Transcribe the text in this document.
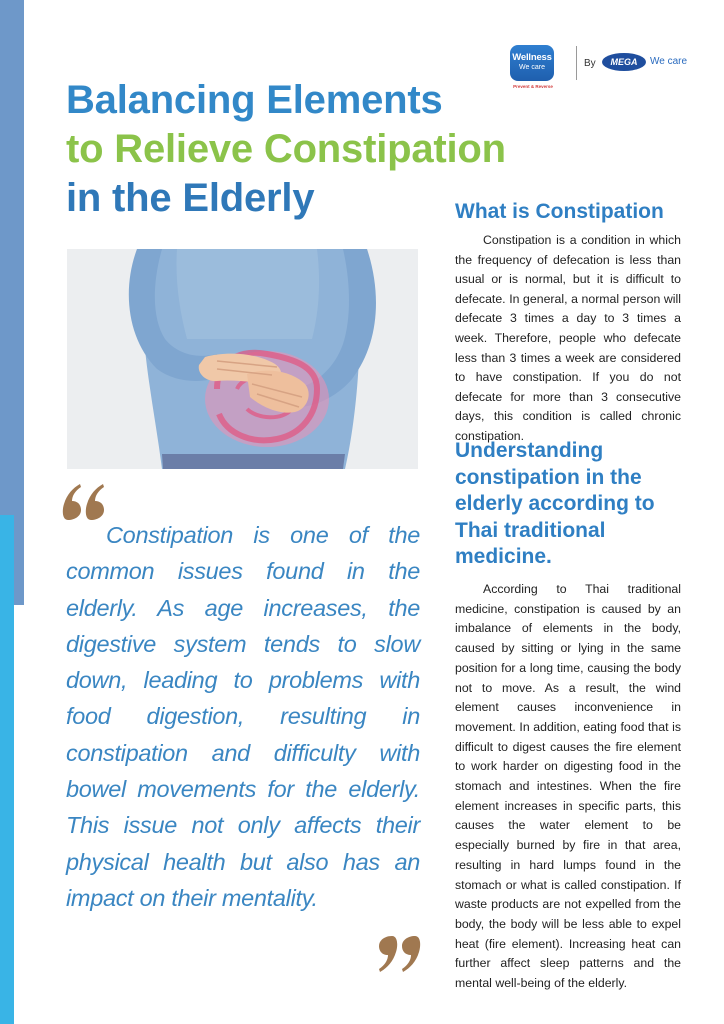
Wellness
We care
Prevent & Reverse
By	MEGA	We care
Balancing Elements
to Relieve Constipation
in the Elderly
Constipation is one of the common issues found in the elderly. As age increases, the digestive system tends to slow down, leading to problems with food digestion, resulting in constipation and difficulty with bowel movements for the elderly. This issue not only affects their physical health but also has an impact on their mentality.
What is Constipation

Constipation is a condition in which the frequency of defecation is less than usual or is normal, but it is difficult to defecate. In general, a normal person will defecate 3 times a day to 3 times a week. Therefore, people who defecate less than 3 times a week are considered to have constipation. If you do not defecate for more than 3 consecutive days, this condition is called chronic constipation.

Understanding constipation in the elderly according to Thai traditional medicine.

According to Thai traditional medicine, constipation is caused by an imbalance of elements in the body, caused by sitting or lying in the same position for a long time, causing the body not to move. As a result, the wind element causes inconvenience in movement. In addition, eating food that is difficult to digest causes the fire element to work harder on digesting food in the stomach and intestines. When the fire element increases in specific parts, this causes the water element to be especially burned by fire in that area, resulting in hard lumps found in the stomach or what is called constipation. If waste products are not expelled from the body, the body will be less able to expel heat (fire element). Increasing heat can further affect sleep patterns and the mental well-being of the elderly.
